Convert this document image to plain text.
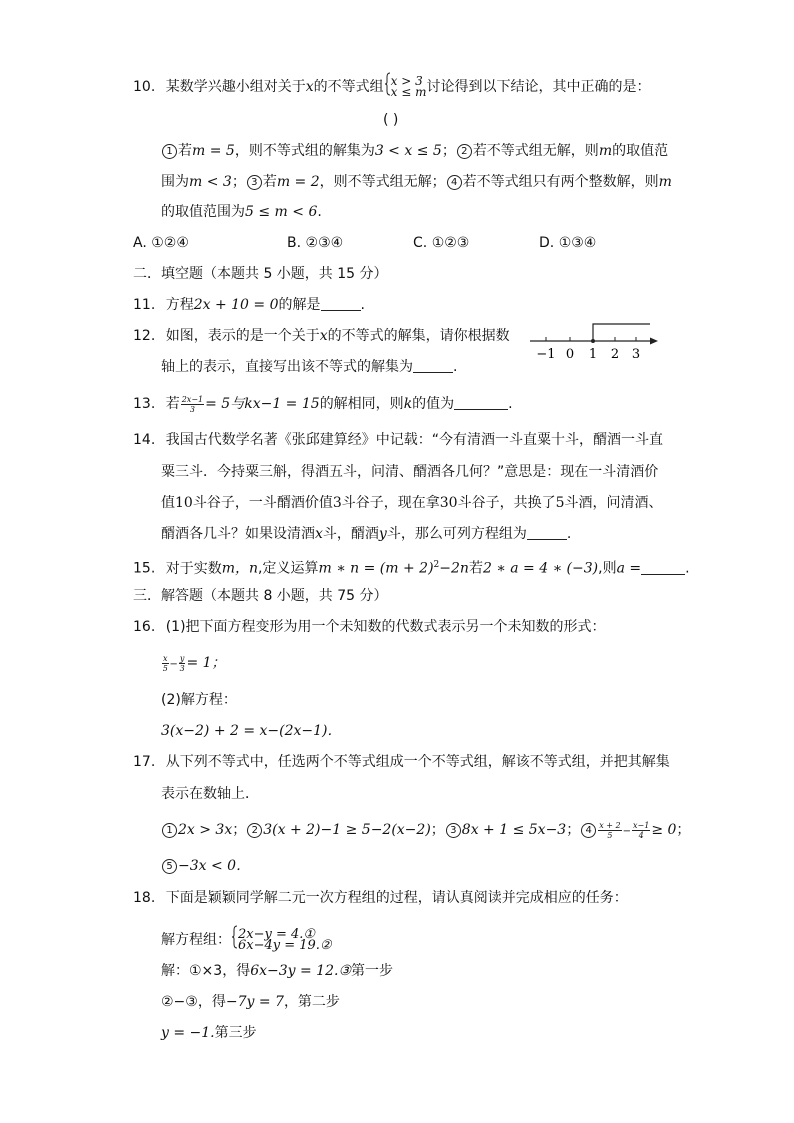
10. 某数学兴趣小组对关于x的不等式组 x > 3
x ≤ m 讨论得到以下结论，其中正确的是：
( )
1 若m = 5，则不等式组的解集为3 < x ≤ 5； 2 若不等式组无解，则m的取值范
围为m < 3； 3 若m = 2，则不等式组无解； 4 若不等式组只有两个整数解，则m
的取值范围为5 ≤ m < 6.
A. ①②④	B. ②③④	C. ①②③	D. ①③④
二．填空题（本题共 5 小题，共 15 分）
11. 方程2x + 10 = 0的解是	.
12. 如图，表示的是一个关于x的不等式的解集，请你根据数
轴上的表示，直接写出该不等式的解集为	.
−1 0 1 2 3
13. 若 $\frac{2x-1}{3} = 5$与kx−1 = 15的解相同，则k的值为	.
14. 我国古代数学名著《张邱建算经》中记载：“今有清酒一斗直粟十斗，醑酒一斗直
粟三斗．今持粟三斛，得酒五斗，问清、醑酒各几何？”意思是：现在一斗清酒价
值10斗谷子，一斗醑酒价值3斗谷子，现在拿30斗谷子，共换了5斗酒，问清酒、
醑酒各几斗？如果设清酒x斗，醑酒y斗，那么可列方程组为	.
15. 对于实数m，n,定义运算m ∗ $n = (m + 2)^2-2n$若2 ∗ a = 4 ∗ (−3),则a =	.
三．解答题（本题共 8 小题，共 75 分）
16. (1)把下面方程变形为用一个未知数的代数式表示另一个未知数的形式：
$\frac{x}{5} - \frac{y}{3} = 1$；
(2)解方程：
3(x−2) + 2 = x−(2x−1)．
17. 从下列不等式中，任选两个不等式组成一个不等式组，解该不等式组，并把其解集
表示在数轴上．
1 2x > 3x； 2 3(x + 2)−1 ≥ 5−2(x−2)； 3 8x + 1 ≤ 5x−3； $4 \frac{x + 2}{5} - \frac{x-1}{4} \ge 0$；
5 −3x < 0．
18. 下面是颖颖同学解二元一次方程组的过程，请认真阅读并完成相应的任务：
解方程组： 2x−y = 4.①
6x−4y = 19.②
解：①×3，得6x−3y = 12.③第一步
②−③，得−7y = 7，第二步
y = −1.第三步
